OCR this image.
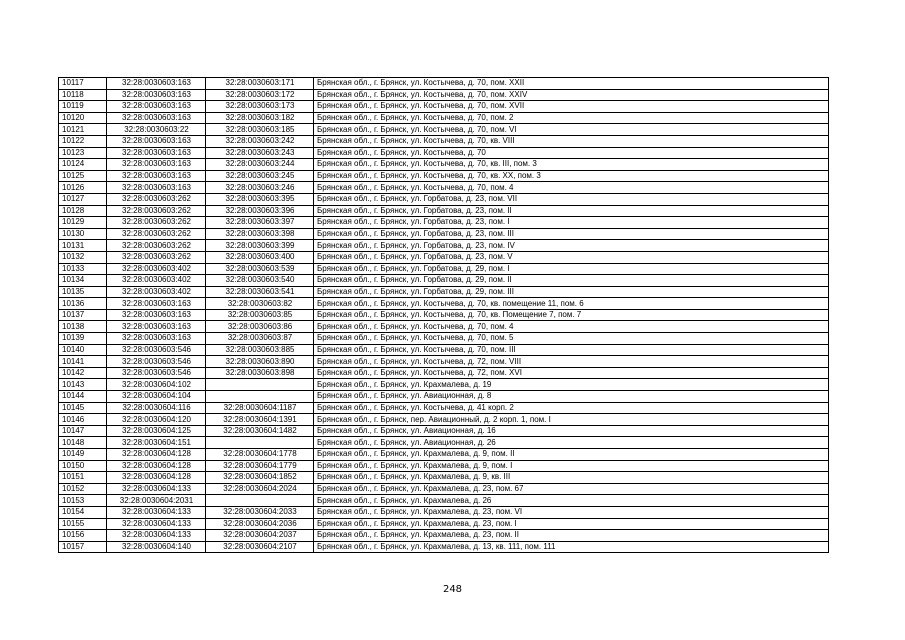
10117	32:28:0030603:163	32:28:0030603:171	Брянская обл., г. Брянск, ул. Костычева, д. 70, пом. XXII
10118	32:28:0030603:163	32:28:0030603:172	Брянская обл., г. Брянск, ул. Костычева, д. 70, пом. XXIV
10119	32:28:0030603:163	32:28:0030603:173	Брянская обл., г. Брянск, ул. Костычева, д. 70, пом. XVII
10120	32:28:0030603:163	32:28:0030603:182	Брянская обл., г. Брянск, ул. Костычева, д. 70, пом. 2
10121	32:28:0030603:22	32:28:0030603:185	Брянская обл., г. Брянск, ул. Костычева, д. 70, пом. VI
10122	32:28:0030603:163	32:28:0030603:242	Брянская обл., г. Брянск, ул. Костычева, д. 70, кв. VIII
10123	32:28:0030603:163	32:28:0030603:243	Брянская обл., г. Брянск, ул. Костычева, д. 70
10124	32:28:0030603:163	32:28:0030603:244	Брянская обл., г. Брянск, ул. Костычева, д. 70, кв. III, пом. 3
10125	32:28:0030603:163	32:28:0030603:245	Брянская обл., г. Брянск, ул. Костычева, д. 70, кв. XX, пом. 3
10126	32:28:0030603:163	32:28:0030603:246	Брянская обл., г. Брянск, ул. Костычева, д. 70, пом. 4
10127	32:28:0030603:262	32:28:0030603:395	Брянская обл., г. Брянск, ул. Горбатова, д. 23, пом. VII
10128	32:28:0030603:262	32:28:0030603:396	Брянская обл., г. Брянск, ул. Горбатова, д. 23, пом. II
10129	32:28:0030603:262	32:28:0030603:397	Брянская обл., г. Брянск, ул. Горбатова, д. 23, пом. I
10130	32:28:0030603:262	32:28:0030603:398	Брянская обл., г. Брянск, ул. Горбатова, д. 23, пом. III
10131	32:28:0030603:262	32:28:0030603:399	Брянская обл., г. Брянск, ул. Горбатова, д. 23, пом. IV
10132	32:28:0030603:262	32:28:0030603:400	Брянская обл., г. Брянск, ул. Горбатова, д. 23, пом. V
10133	32:28:0030603:402	32:28:0030603:539	Брянская обл., г. Брянск, ул. Горбатова, д. 29, пом. I
10134	32:28:0030603:402	32:28:0030603:540	Брянская обл., г. Брянск, ул. Горбатова, д. 29, пом. II
10135	32:28:0030603:402	32:28:0030603:541	Брянская обл., г. Брянск, ул. Горбатова, д. 29, пом. III
10136	32:28:0030603:163	32:28:0030603:82	Брянская обл., г. Брянск, ул. Костычева, д. 70, кв. помещение 11, пом. 6
10137	32:28:0030603:163	32:28:0030603:85	Брянская обл., г. Брянск, ул. Костычева, д. 70, кв. Помещение 7, пом. 7
10138	32:28:0030603:163	32:28:0030603:86	Брянская обл., г. Брянск, ул. Костычева, д. 70, пом. 4
10139	32:28:0030603:163	32:28:0030603:87	Брянская обл., г. Брянск, ул. Костычева, д. 70, пом. 5
10140	32:28:0030603:546	32:28:0030603:885	Брянская обл., г. Брянск, ул. Костычева, д. 70, пом. III
10141	32:28:0030603:546	32:28:0030603:890	Брянская обл., г. Брянск, ул. Костычева, д. 72, пом. VIII
10142	32:28:0030603:546	32:28:0030603:898	Брянская обл., г. Брянск, ул. Костычева, д. 72, пом. XVI
10143	32:28:0030604:102		Брянская обл., г. Брянск, ул. Крахмалева, д. 19
10144	32:28:0030604:104		Брянская обл., г. Брянск, ул. Авиационная, д. 8
10145	32:28:0030604:116	32:28:0030604:1187	Брянская обл., г. Брянск, ул. Костычева, д. 41 корп. 2
10146	32:28:0030604:120	32:28:0030604:1391	Брянская обл., г. Брянск, пер. Авиационный, д. 2 корп. 1, пом. I
10147	32:28:0030604:125	32:28:0030604:1482	Брянская обл., г. Брянск, ул. Авиационная, д. 16
10148	32:28:0030604:151		Брянская обл., г. Брянск, ул. Авиационная, д. 26
10149	32:28:0030604:128	32:28:0030604:1778	Брянская обл., г. Брянск, ул. Крахмалева, д. 9, пом. II
10150	32:28:0030604:128	32:28:0030604:1779	Брянская обл., г. Брянск, ул. Крахмалева, д. 9, пом. I
10151	32:28:0030604:128	32:28:0030604:1852	Брянская обл., г. Брянск, ул. Крахмалева, д. 9, кв. III
10152	32:28:0030604:133	32:28:0030604:2024	Брянская обл., г. Брянск, ул. Крахмалева, д. 23, пом. 67
10153	32:28:0030604:2031		Брянская обл., г. Брянск, ул. Крахмалева, д. 26
10154	32:28:0030604:133	32:28:0030604:2033	Брянская обл., г. Брянск, ул. Крахмалева, д. 23, пом. VI
10155	32:28:0030604:133	32:28:0030604:2036	Брянская обл., г. Брянск, ул. Крахмалева, д. 23, пом. I
10156	32:28:0030604:133	32:28:0030604:2037	Брянская обл., г. Брянск, ул. Крахмалева, д. 23, пом. II
10157	32:28:0030604:140	32:28:0030604:2107	Брянская обл., г. Брянск, ул. Крахмалева, д. 13, кв. 111, пом. 111
248
